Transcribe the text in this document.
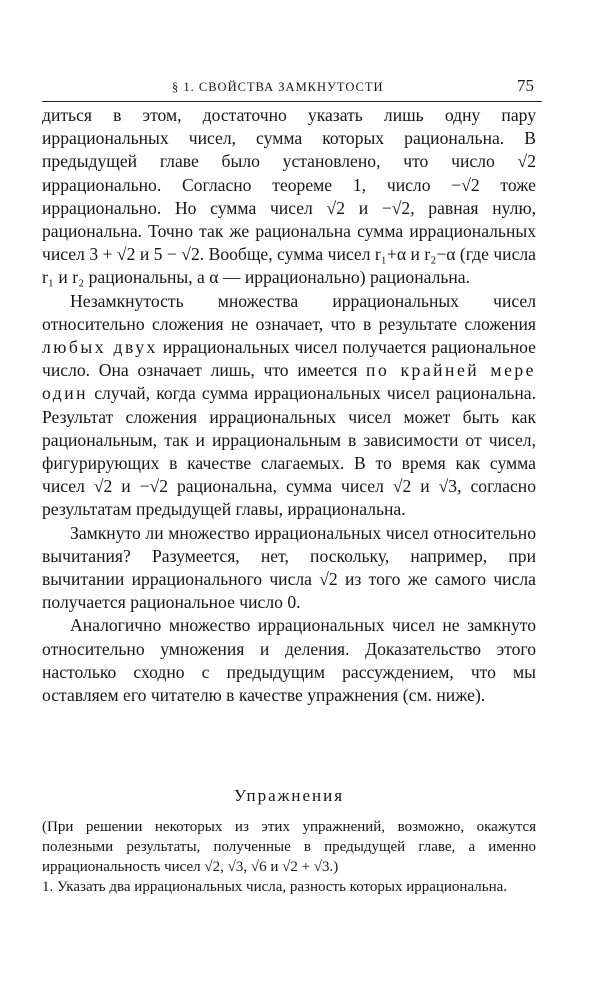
§ 1. СВОЙСТВА ЗАМКНУТОСТИ	75

диться в этом, достаточно указать лишь одну пару иррациональных чисел, сумма которых рациональна. В предыдущей главе было установлено, что число √2 иррационально. Согласно теореме 1, число −√2 тоже иррационально. Но сумма чисел √2 и −√2, равная нулю, рациональна. Точно так же рациональна сумма иррациональных чисел 3 + √2 и 5 − √2. Вообще, сумма чисел r₁+α и r₂−α (где числа r₁ и r₂ рациональны, а α — иррационально) рациональна.

Незамкнутость множества иррациональных чисел относительно сложения не означает, что в результате сложения любых двух иррациональных чисел получается рациональное число. Она означает лишь, что имеется по крайней мере один случай, когда сумма иррациональных чисел рациональна. Результат сложения иррациональных чисел может быть как рациональным, так и иррациональным в зависимости от чисел, фигурирующих в качестве слагаемых. В то время как сумма чисел √2 и −√2 рациональна, сумма чисел √2 и √3, согласно результатам предыдущей главы, иррациональна.

Замкнуто ли множество иррациональных чисел относительно вычитания? Разумеется, нет, поскольку, например, при вычитании иррационального числа √2 из того же самого числа получается рациональное число 0.

Аналогично множество иррациональных чисел не замкнуто относительно умножения и деления. Доказательство этого настолько сходно с предыдущим рассуждением, что мы оставляем его читателю в качестве упражнения (см. ниже).

Упражнения

(При решении некоторых из этих упражнений, возможно, окажутся полезными результаты, полученные в предыдущей главе, а именно иррациональность чисел √2, √3, √6 и √2 + √3.)

1. Указать два иррациональных числа, разность которых иррациональна.
